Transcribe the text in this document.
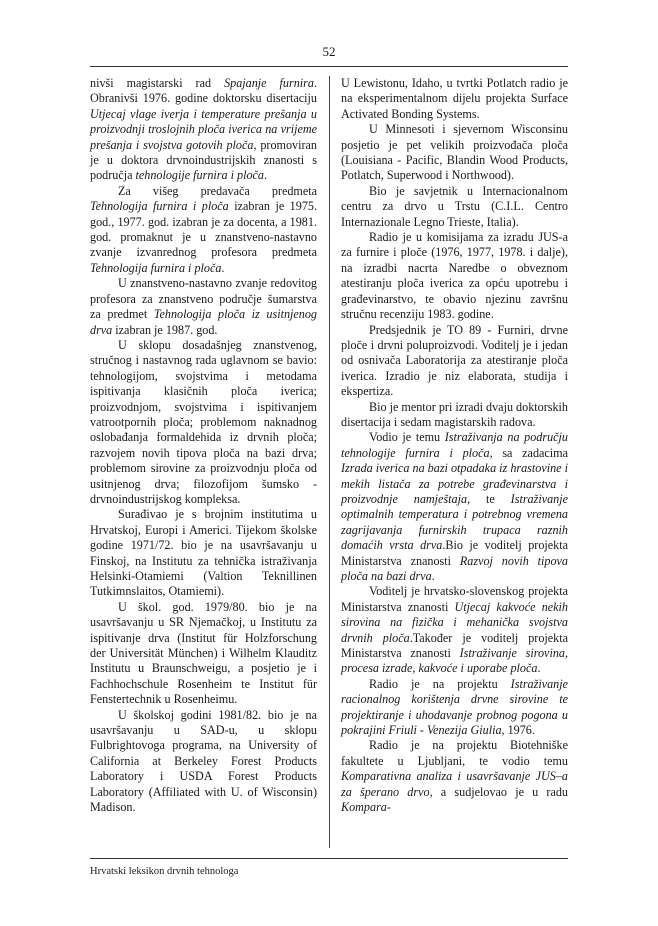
52

nivši magistarski rad Spajanje furnira. Obranivši 1976. godine doktorsku disertaciju Utjecaj vlage iverja i temperature prešanja u proizvodnji troslojnih ploča iverica na vrijeme prešanja i svojstva gotovih ploča, promoviran je u doktora drvnoindustrijskih znanosti s područja tehnologije furnira i ploča.

Za višeg predavača predmeta Tehnologija furnira i ploča izabran je 1975. god., 1977. god. izabran je za docenta, a 1981. god. promaknut je u znanstveno-nastavno zvanje izvanrednog profesora predmeta Tehnologija furnira i ploča.

U znanstveno-nastavno zvanje redovitog profesora za znanstveno područje šumarstva za predmet Tehnologija ploča iz usitnjenog drva izabran je 1987. god.

U sklopu dosadašnjeg znanstvenog, stručnog i nastavnog rada uglavnom se bavio: tehnologijom, svojstvima i metodama ispitivanja klasičnih ploča iverica; proizvodnjom, svojstvima i ispitivanjem vatrootpornih ploča; problemom naknadnog oslobađanja formaldehida iz drvnih ploča; razvojem novih tipova ploča na bazi drva; problemom sirovine za proizvodnju ploča od usitnjenog drva; filozofijom šumsko - drvnoindustrijskog kompleksa.

Surađivao je s brojnim institutima u Hrvatskoj, Europi i Americi. Tijekom školske godine 1971/72. bio je na usavršavanju u Finskoj, na Institutu za tehnička istraživanja Helsinki-Otamiemi (Valtion Teknillinen Tutkimnslaitos, Otamiemi).

U škol. god. 1979/80. bio je na usavršavanju u SR Njemačkoj, u Institutu za ispitivanje drva (Institut für Holzforschung der Universität München) i Wilhelm Klauditz Institutu u Braunschweigu, a posjetio je i Fachhochschule Rosenheim te Institut für Fenstertechnik u Rosenheimu.

U školskoj godini 1981/82. bio je na usavršavanju u SAD-u, u sklopu Fulbrightovoga programa, na University of California at Berkeley Forest Products Laboratory i USDA Forest Products Laboratory (Affiliated with U. of Wisconsin) Madison.

U Lewistonu, Idaho, u tvrtki Potlatch radio je na eksperimentalnom dijelu projekta Surface Activated Bonding Systems.

U Minnesoti i sjevernom Wisconsinu posjetio je pet velikih proizvođača ploča (Louisiana - Pacific, Blandin Wood Products, Potlatch, Superwood i Northwood).

Bio je savjetnik u Internacionalnom centru za drvo u Trstu (C.I.L. Centro Internazionale Legno Trieste, Italia).

Radio je u komisijama za izradu JUS-a za furnire i ploče (1976, 1977, 1978. i dalje), na izradbi nacrta Naredbe o obveznom atestiranju ploča iverica za opću upotrebu i građevinarstvo, te obavio njezinu završnu stručnu recenziju 1983. godine.

Predsjednik je TO 89 - Furniri, drvne ploče i drvni poluproizvodi. Voditelj je i jedan od osnivača Laboratorija za atestiranje ploča iverica. Izradio je niz elaborata, studija i ekspertiza.

Bio je mentor pri izradi dvaju doktorskih disertacija i sedam magistarskih radova.

Vodio je temu Istraživanja na području tehnologije furnira i ploča, sa zadacima Izrada iverica na bazi otpadaka iz hrastovine i mekih listača za potrebe građevinarstva i proizvodnje namještaja, te Istraživanje optimalnih temperatura i potrebnog vremena zagrijavanja furnirskih trupaca raznih domaćih vrsta drva.Bio je voditelj projekta Ministarstva znanosti Razvoj novih tipova ploča na bazi drva.

Voditelj je hrvatsko-slovenskog projekta Ministarstva znanosti Utjecaj kakvoće nekih sirovina na fizička i mehanička svojstva drvnih ploča.Također je voditelj projekta Ministarstva znanosti Istraživanje sirovina, procesa izrade, kakvoće i uporabe ploča.

Radio je na projektu Istraživanje racionalnog korištenja drvne sirovine te projektiranje i uhodavanje probnog pogona u pokrajini Friuli - Venezija Giulia, 1976.

Radio je na projektu Biotehniške fakultete u Ljubljani, te vodio temu Komparativna analiza i usavršavanje JUS–a za šperano drvo, a sudjelovao je u radu Kompara-

Hrvatski leksikon drvnih tehnologa
